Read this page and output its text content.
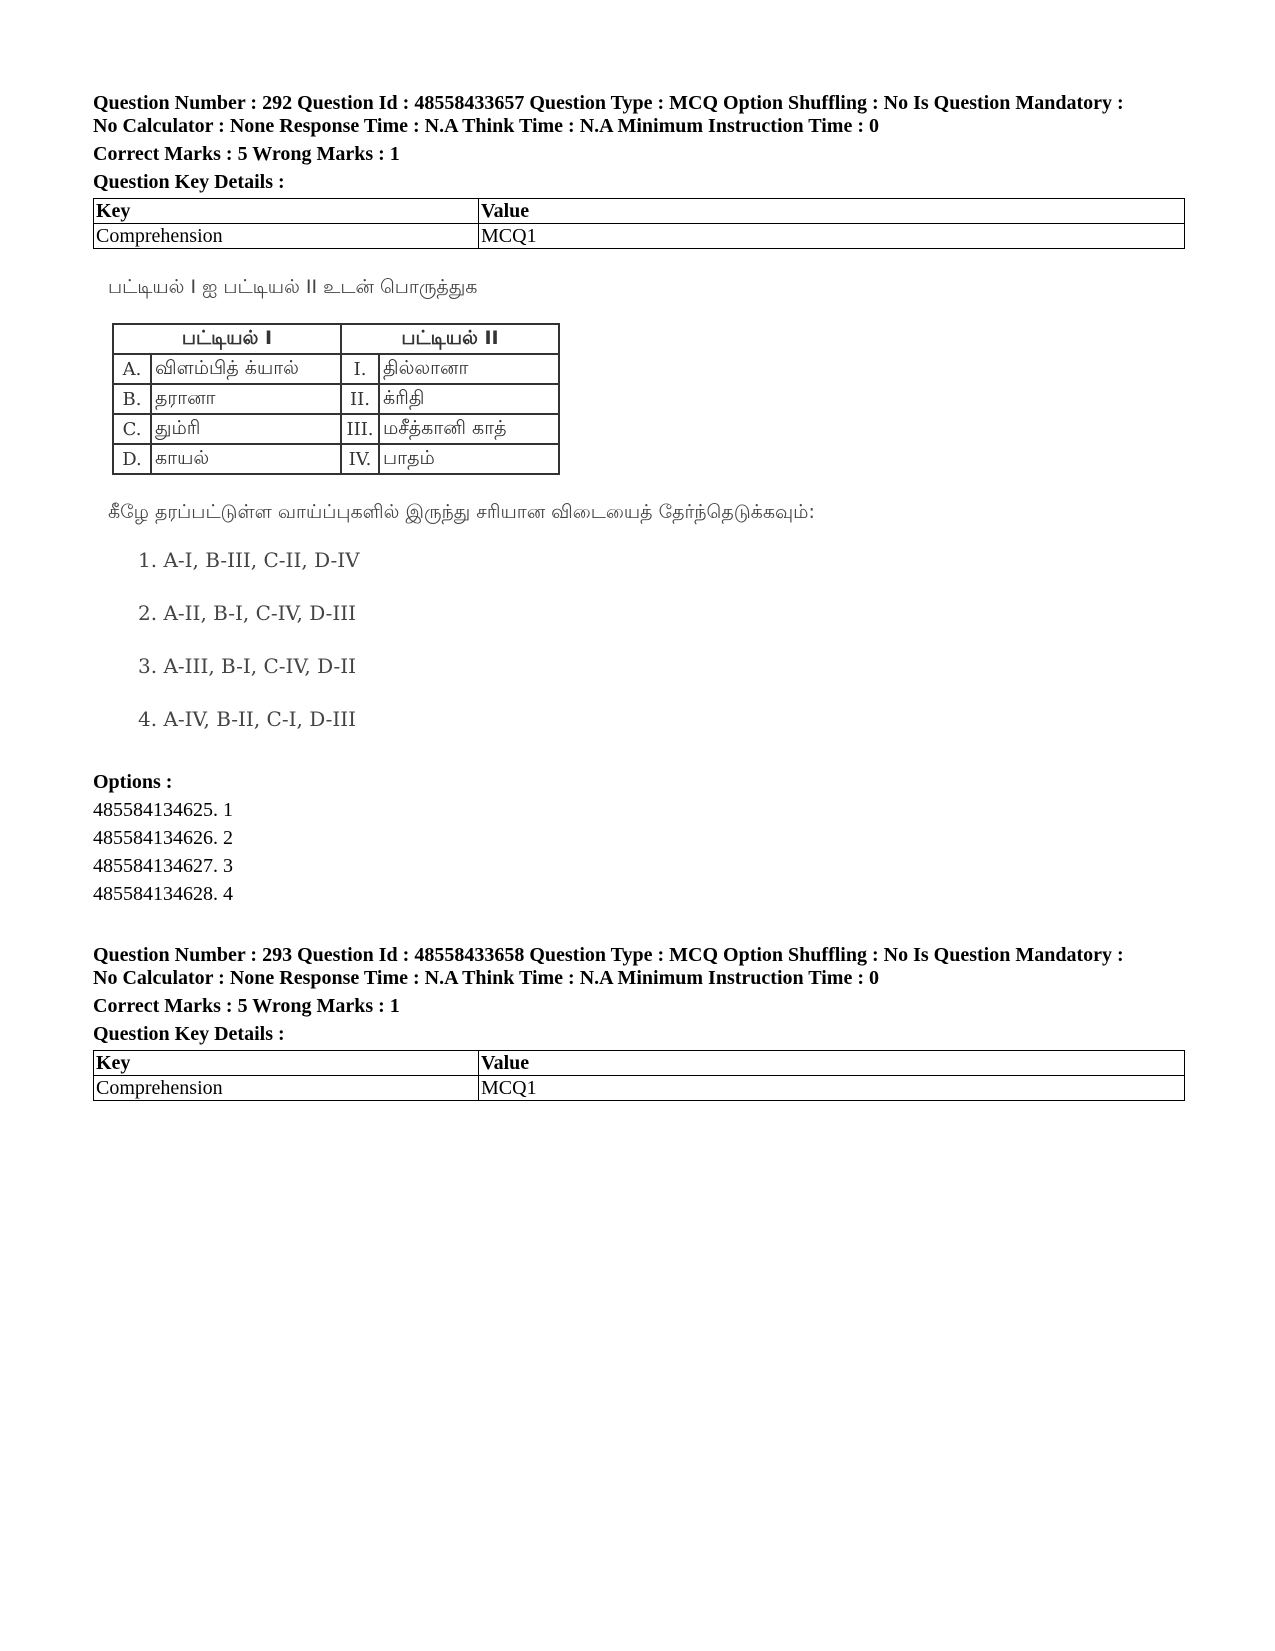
Question Number : 292 Question Id : 48558433657 Question Type : MCQ Option Shuffling : No Is Question Mandatory :
No Calculator : None Response Time : N.A Think Time : N.A Minimum Instruction Time : 0
Correct Marks : 5 Wrong Marks : 1
Question Key Details :
Key	Value
Comprehension	MCQ1
பட்டியல் I ஐ பட்டியல் II உடன் பொருத்துக
பட்டியல் I		பட்டியல் II	
A.	விளம்பித் க்யால்	I.	தில்லானா
B.	தரானா	II.	க்ரிதி
C.	தும்ரி	III.	மசீத்கானி காத்
D.	காயல்	IV.	பாதம்
கீழே தரப்பட்டுள்ள வாய்ப்புகளில் இருந்து சரியான விடையைத் தேர்ந்தெடுக்கவும்:
1. A-I, B-III, C-II, D-IV
2. A-II, B-I, C-IV, D-III
3. A-III, B-I, C-IV, D-II
4. A-IV, B-II, C-I, D-III
Options :
485584134625. 1
485584134626. 2
485584134627. 3
485584134628. 4
Question Number : 293 Question Id : 48558433658 Question Type : MCQ Option Shuffling : No Is Question Mandatory :
No Calculator : None Response Time : N.A Think Time : N.A Minimum Instruction Time : 0
Correct Marks : 5 Wrong Marks : 1
Question Key Details :
Key	Value
Comprehension	MCQ1
